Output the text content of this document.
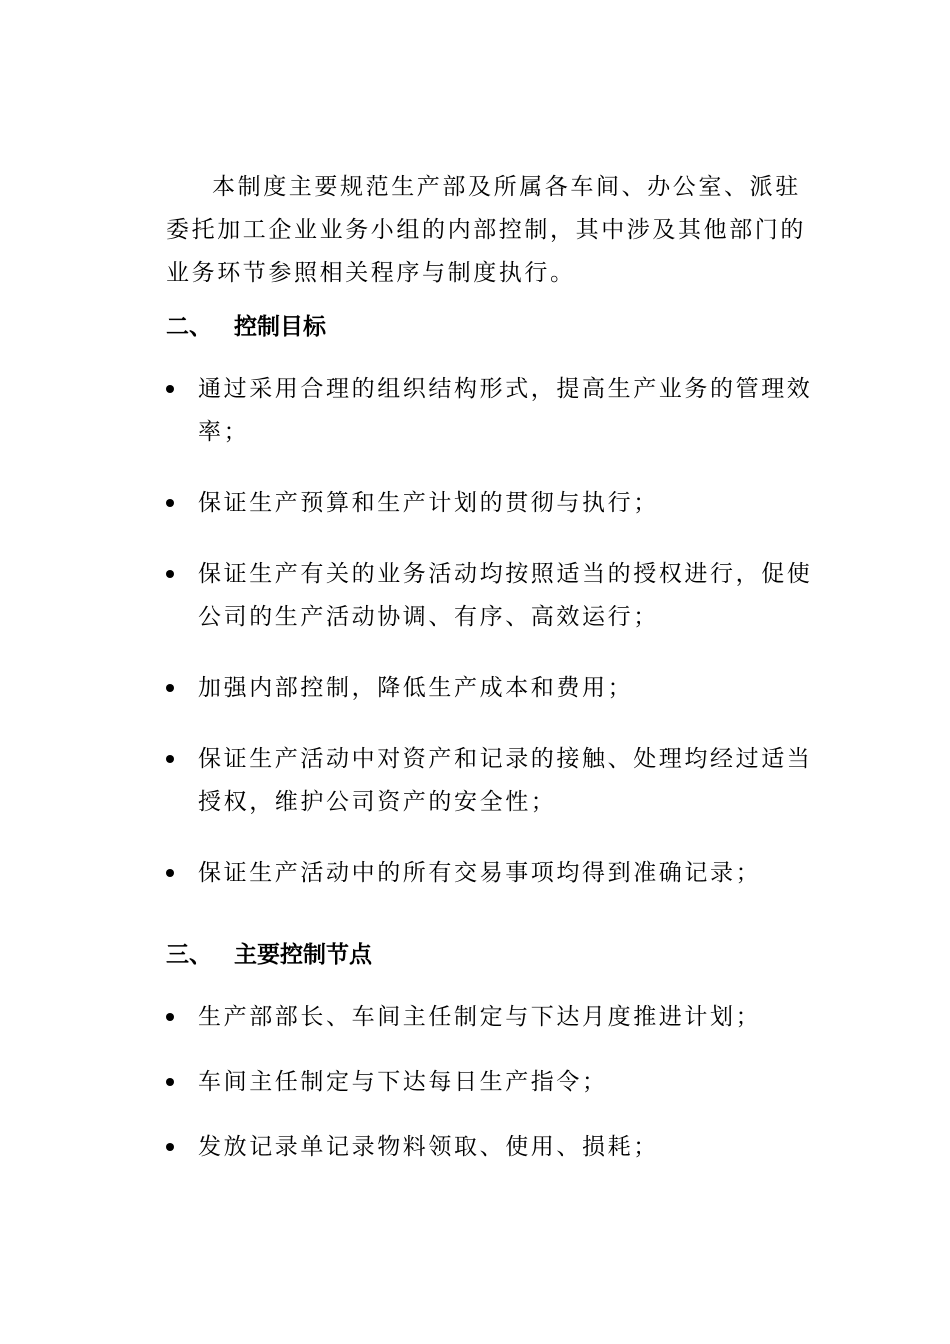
本制度主要规范生产部及所属各车间、办公室、派驻委托加工企业业务小组的内部控制，其中涉及其他部门的业务环节参照相关程序与制度执行。

二、 控制目标
通过采用合理的组织结构形式，提高生产业务的管理效率；
保证生产预算和生产计划的贯彻与执行；
保证生产有关的业务活动均按照适当的授权进行，促使公司的生产活动协调、有序、高效运行；
加强内部控制，降低生产成本和费用；
保证生产活动中对资产和记录的接触、处理均经过适当授权，维护公司资产的安全性；
保证生产活动中的所有交易事项均得到准确记录；
三、 主要控制节点
生产部部长、车间主任制定与下达月度推进计划；
车间主任制定与下达每日生产指令；
发放记录单记录物料领取、使用、损耗；
